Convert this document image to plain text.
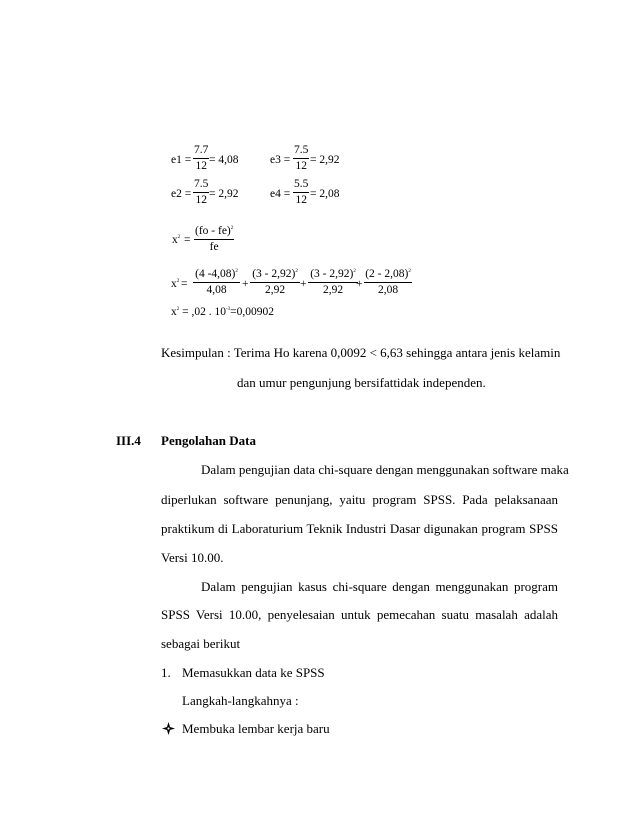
$e1 = \frac{7.7}{12} = 4,08$	$e3 = \frac{7.5}{12} = 2,92$
$e2 = \frac{7.5}{12} = 2,92$	$e4 = \frac{5.5}{12} = 2,08$
$x^2 = \frac{(fo - fe)^2}{fe}$
$x^2 = \frac{(4 -4,08)^2}{4,08} + \frac{(3 - 2,92)^2}{2,92} + \frac{(3 - 2,92)^2}{2,92}$
+ $\frac{(2 - 2,08)^2}{2,08}$
$x^2 = ,02$ . $10^{-3}=0,00902$
Kesimpulan : Terima Ho karena 0,0092 < 6,63 sehingga antara jenis kelamin
dan umur pengunjung bersifattidak independen.
III.4 Pengolahan Data
Dalam pengujian data chi-square dengan menggunakan software maka
diperlukan software penunjang, yaitu program SPSS. Pada pelaksanaan
praktikum di Laboraturium Teknik Industri Dasar digunakan program SPSS
Versi 10.00.
Dalam pengujian kasus chi-square dengan menggunakan program
SPSS Versi 10.00, penyelesaian untuk pemecahan suatu masalah adalah
sebagai berikut
1. Memasukkan data ke SPSS
Langkah-langkahnya :
Membuka lembar kerja baru
